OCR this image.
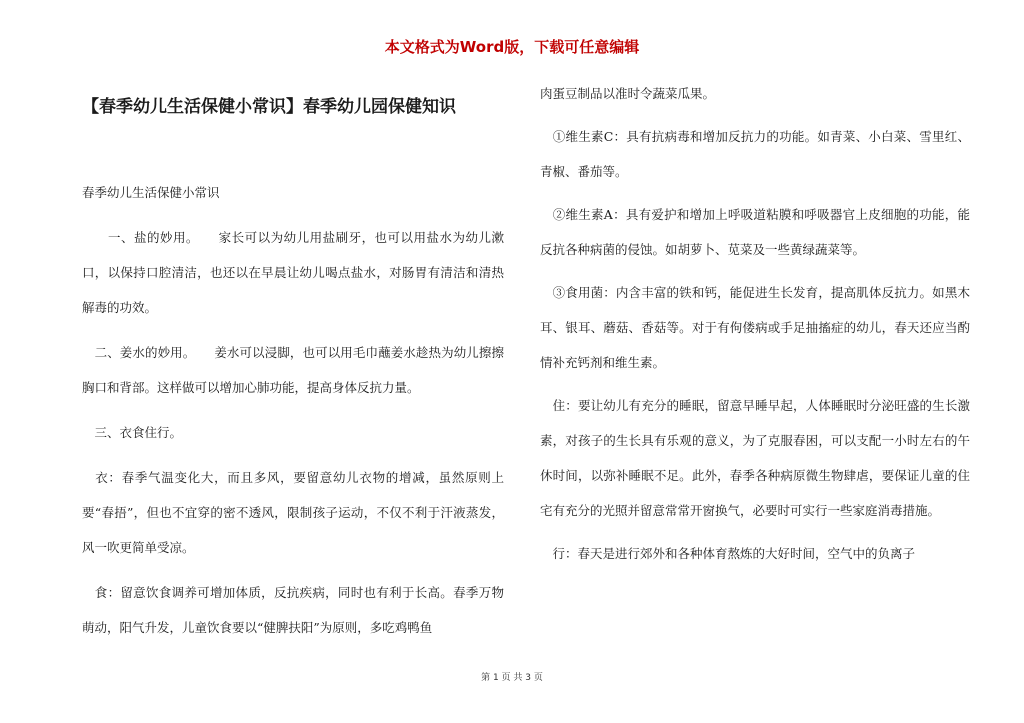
本文格式为Word版，下载可任意编辑
【春季幼儿生活保健小常识】春季幼儿园保健知识

春季幼儿生活保健小常识

　　一、盐的妙用。　　家长可以为幼儿用盐刷牙，也可以用盐水为幼儿漱口，以保持口腔清洁，也还以在早晨让幼儿喝点盐水，对肠胃有清洁和清热解毒的功效。

　二、姜水的妙用。　　姜水可以浸脚，也可以用毛巾蘸姜水趁热为幼儿擦擦胸口和背部。这样做可以增加心肺功能，提高身体反抗力量。

　三、衣食住行。

　衣：春季气温变化大，而且多风，要留意幼儿衣物的增减，虽然原则上要“春捂”，但也不宜穿的密不透风，限制孩子运动，不仅不利于汗液蒸发，风一吹更简单受凉。

　食：留意饮食调养可增加体质，反抗疾病，同时也有利于长高。春季万物萌动，阳气升发，儿童饮食要以“健脾扶阳”为原则，多吃鸡鸭鱼

肉蛋豆制品以准时令蔬菜瓜果。

　①维生素C：具有抗病毒和增加反抗力的功能。如青菜、小白菜、雪里红、青椒、番茄等。

　②维生素A：具有爱护和增加上呼吸道粘膜和呼吸器官上皮细胞的功能，能反抗各种病菌的侵蚀。如胡萝卜、苋菜及一些黄绿蔬菜等。

　③食用菌：内含丰富的铁和钙，能促进生长发育，提高肌体反抗力。如黑木耳、银耳、蘑菇、香菇等。对于有佝偻病或手足抽搐症的幼儿，春天还应当酌情补充钙剂和维生素。

　住：要让幼儿有充分的睡眠，留意早睡早起，人体睡眠时分泌旺盛的生长激素，对孩子的生长具有乐观的意义，为了克服春困，可以支配一小时左右的午休时间，以弥补睡眠不足。此外，春季各种病原微生物肆虐，要保证儿童的住宅有充分的光照并留意常常开窗换气，必要时可实行一些家庭消毒措施。

　行：春天是进行郊外和各种体育熬炼的大好时间，空气中的负离子

第 1 页 共 3 页
